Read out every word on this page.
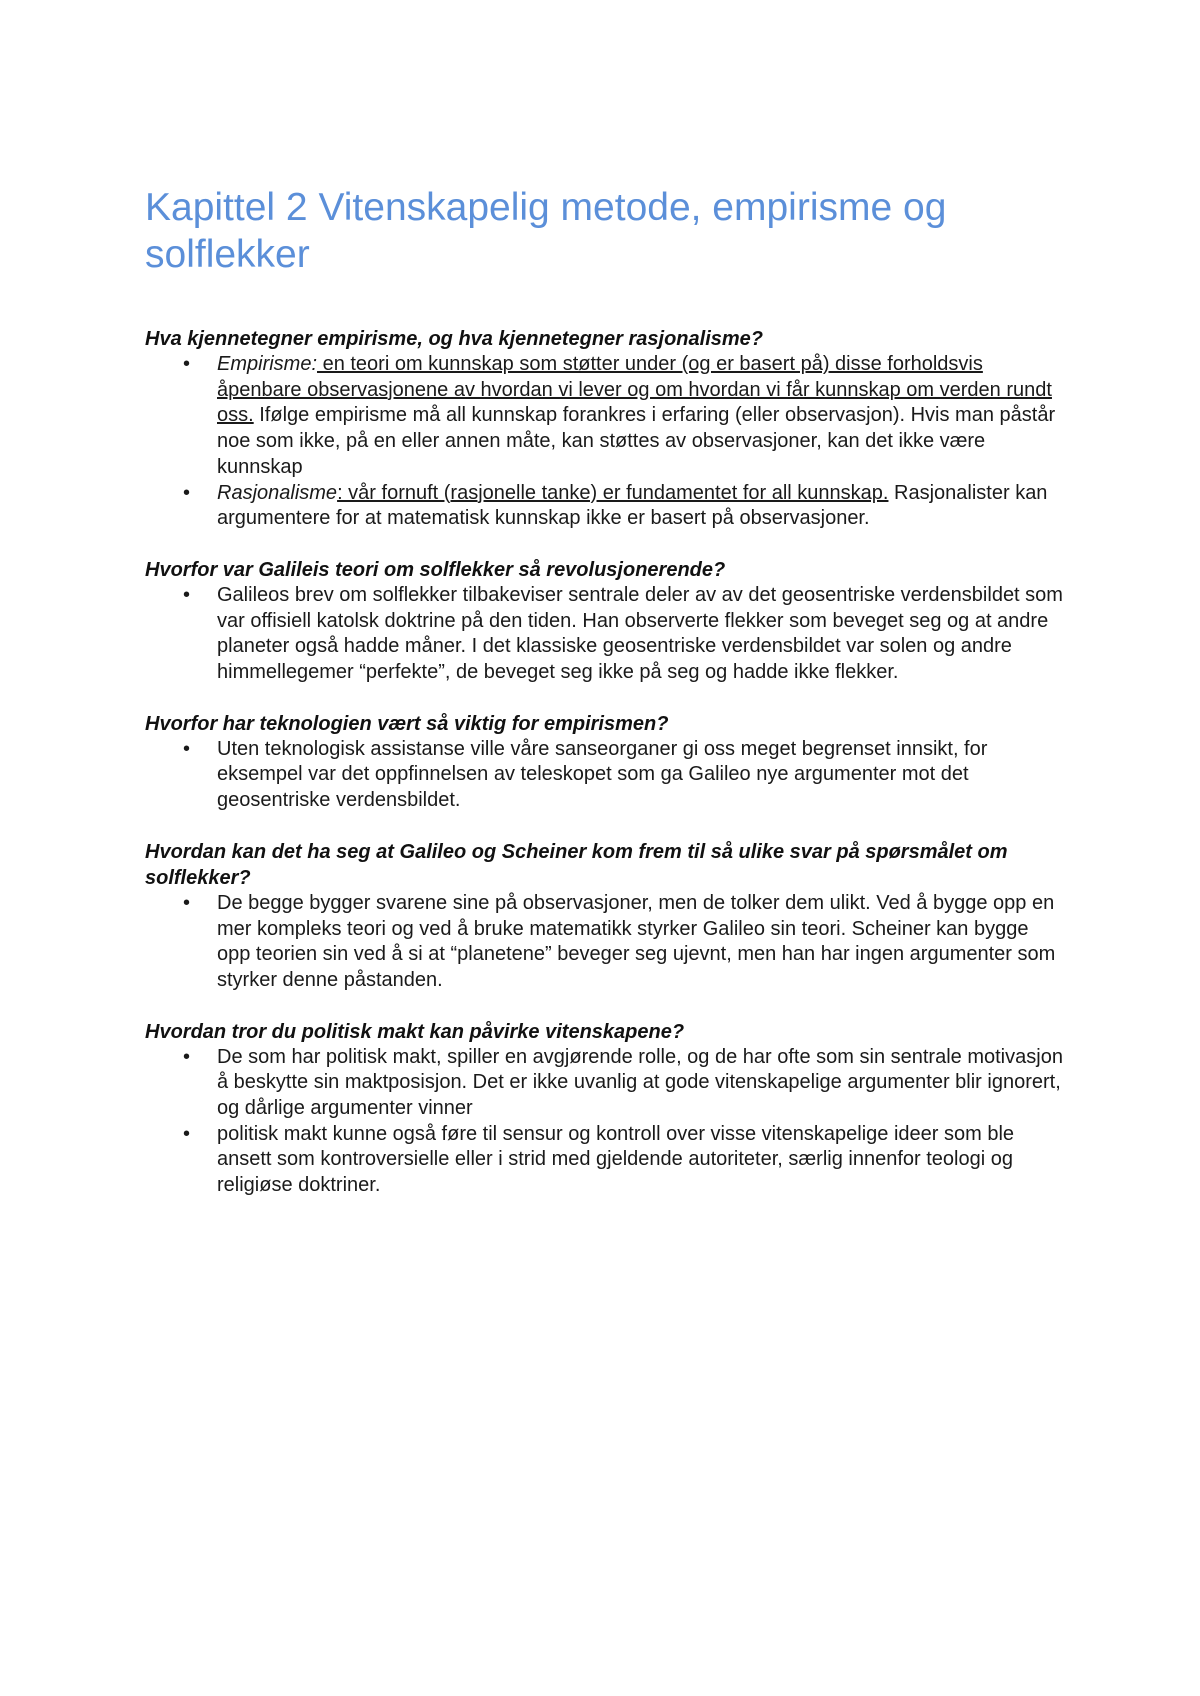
Kapittel 2 Vitenskapelig metode, empirisme og solflekker

Hva kjennetegner empirisme, og hva kjennetegner rasjonalisme?

• Empirisme: en teori om kunnskap som støtter under (og er basert på) disse forholdsvis åpenbare observasjonene av hvordan vi lever og om hvordan vi får kunnskap om verden rundt oss. Ifølge empirisme må all kunnskap forankres i erfaring (eller observasjon). Hvis man påstår noe som ikke, på en eller annen måte, kan støttes av observasjoner, kan det ikke være kunnskap
• Rasjonalisme: vår fornuft (rasjonelle tanke) er fundamentet for all kunnskap. Rasjonalister kan argumentere for at matematisk kunnskap ikke er basert på observasjoner.

Hvorfor var Galileis teori om solflekker så revolusjonerende?

• Galileos brev om solflekker tilbakeviser sentrale deler av av det geosentriske verdensbildet som var offisiell katolsk doktrine på den tiden. Han observerte flekker som beveget seg og at andre planeter også hadde måner. I det klassiske geosentriske verdensbildet var solen og andre himmellegemer “perfekte”, de beveget seg ikke på seg og hadde ikke flekker.

Hvorfor har teknologien vært så viktig for empirismen?

• Uten teknologisk assistanse ville våre sanseorganer gi oss meget begrenset innsikt, for eksempel var det oppfinnelsen av teleskopet som ga Galileo nye argumenter mot det geosentriske verdensbildet.

Hvordan kan det ha seg at Galileo og Scheiner kom frem til så ulike svar på spørsmålet om solflekker?

• De begge bygger svarene sine på observasjoner, men de tolker dem ulikt. Ved å bygge opp en mer kompleks teori og ved å bruke matematikk styrker Galileo sin teori. Scheiner kan bygge opp teorien sin ved å si at “planetene” beveger seg ujevnt, men han har ingen argumenter som styrker denne påstanden.

Hvordan tror du politisk makt kan påvirke vitenskapene?

• De som har politisk makt, spiller en avgjørende rolle, og de har ofte som sin sentrale motivasjon å beskytte sin maktposisjon. Det er ikke uvanlig at gode vitenskapelige argumenter blir ignorert, og dårlige argumenter vinner
• politisk makt kunne også føre til sensur og kontroll over visse vitenskapelige ideer som ble ansett som kontroversielle eller i strid med gjeldende autoriteter, særlig innenfor teologi og religiøse doktriner.
